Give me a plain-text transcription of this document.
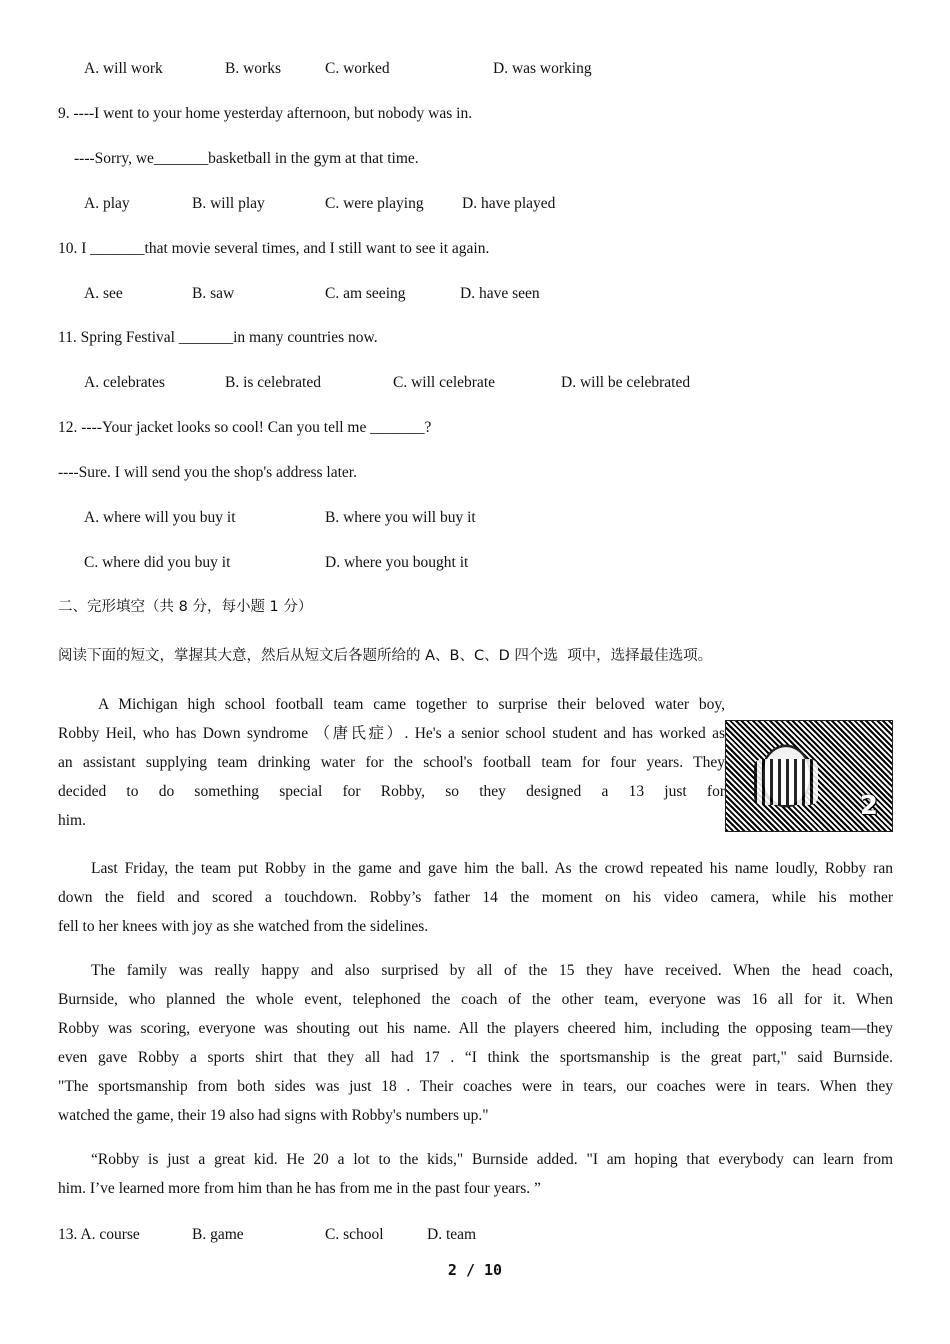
A. will work	B. works	C. worked	D. was working
9. ----I went to your home yesterday afternoon, but nobody was in.
----Sorry, we_______basketball in the gym at that time.
A. play	B. will play	C. were playing D. have played
10. I _______that movie several times, and I still want to see it again.
A. see	B. saw	C. am seeing	D. have seen
11. Spring Festival _______in many countries now.
A. celebrates	B. is celebrated	C. will celebrate	D. will be celebrated
12. ----Your jacket looks so cool! Can you tell me _______?
----Sure. I will send you the shop's address later.
A. where will you buy it	B. where you will buy it
C. where did you buy it	D. where you bought it
二、完形填空（共 8 分，每小题 1 分）
阅读下面的短文，掌握其大意，然后从短文后各题所给的 A、B、C、D 四个选  项中，选择最佳选项。
A Michigan high school football team came together to surprise their beloved water boy,
Robby Heil, who has Down syndrome （唐氏症）. He's a senior school student and has worked as
an assistant supplying team drinking water for the school's football team for four years. They
decided to do something special for Robby, so they designed a 13 just for
him.	2
Last Friday, the team put Robby in the game and gave him the ball. As the crowd repeated his name loudly, Robby ran
down the field and scored a touchdown. Robby’s father 14 the moment on his video camera, while his mother
fell to her knees with joy as she watched from the sidelines.
The family was really happy and also surprised by all of the 15 they have received. When the head coach,
Burnside, who planned the whole event, telephoned the coach of the other team, everyone was 16 all for it. When
Robby was scoring, everyone was shouting out his name. All the players cheered him, including the opposing team—they
even gave Robby a sports shirt that they all had 17 . “I think the sportsmanship is the great part," said Burnside.
"The sportsmanship from both sides was just 18 . Their coaches were in tears, our coaches were in tears. When they
watched the game, their 19 also had signs with Robby's numbers up."
“Robby is just a great kid. He 20 a lot to the kids," Burnside added. "I am hoping that everybody can learn from
him. I’ve learned more from him than he has from me in the past four years. ”
13. A. course	B. game	C. school	D. team
2 / 10
